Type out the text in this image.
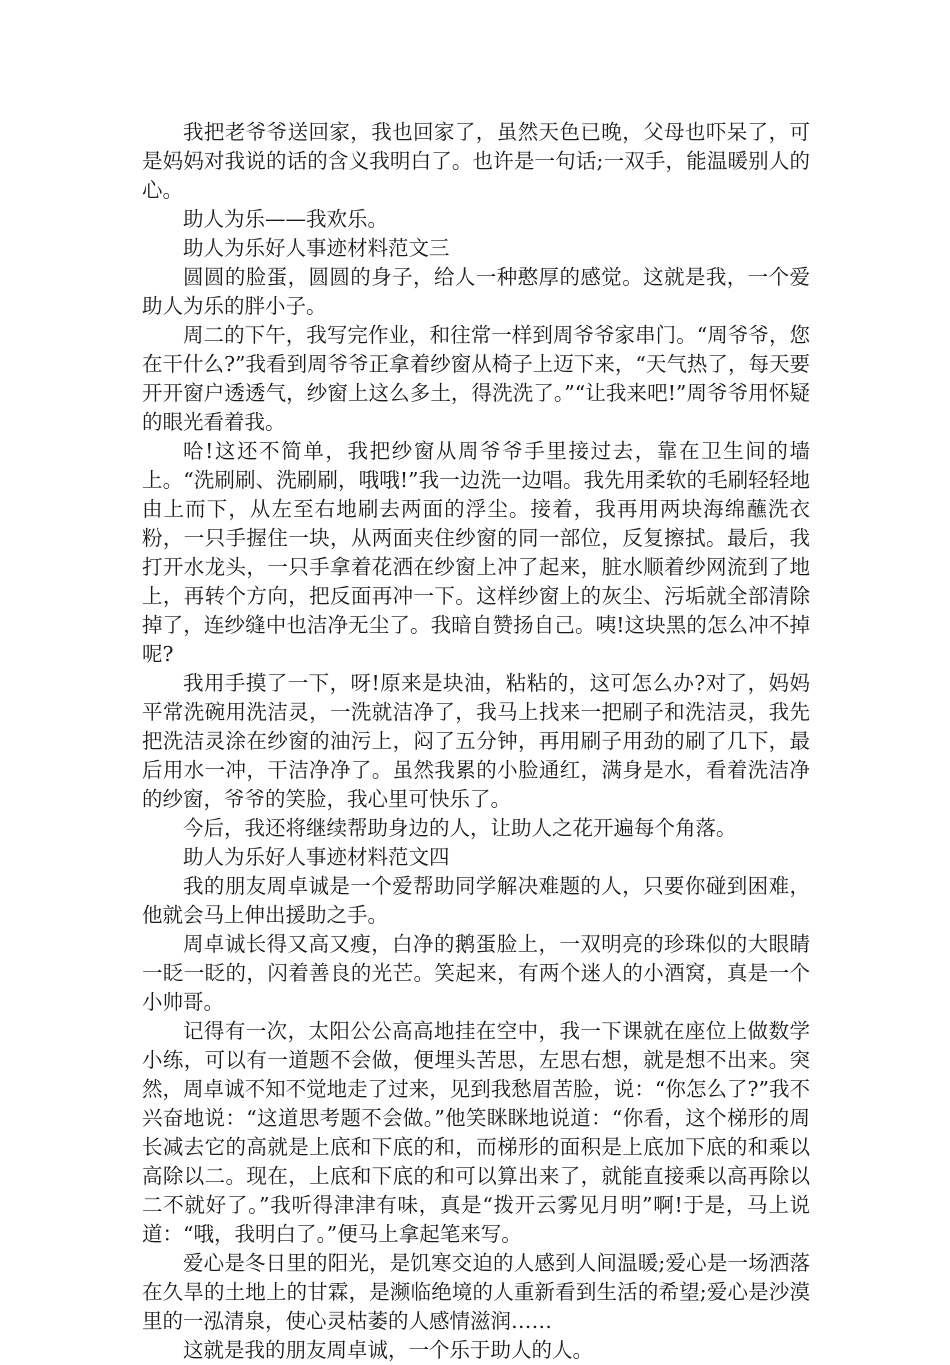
我把老爷爷送回家，我也回家了，虽然天色已晚，父母也吓呆了，可是妈妈对我说的话的含义我明白了。也许是一句话;一双手，能温暖别人的心。

助人为乐——我欢乐。

助人为乐好人事迹材料范文三

圆圆的脸蛋，圆圆的身子，给人一种憨厚的感觉。这就是我，一个爱助人为乐的胖小子。

周二的下午，我写完作业，和往常一样到周爷爷家串门。“周爷爷，您在干什么?”我看到周爷爷正拿着纱窗从椅子上迈下来，“天气热了，每天要开开窗户透透气，纱窗上这么多土，得洗洗了。”“让我来吧!”周爷爷用怀疑的眼光看着我。

哈!这还不简单，我把纱窗从周爷爷手里接过去，靠在卫生间的墙上。“洗刷刷、洗刷刷，哦哦!”我一边洗一边唱。我先用柔软的毛刷轻轻地由上而下，从左至右地刷去两面的浮尘。接着，我再用两块海绵蘸洗衣粉，一只手握住一块，从两面夹住纱窗的同一部位，反复擦拭。最后，我打开水龙头，一只手拿着花洒在纱窗上冲了起来，脏水顺着纱网流到了地上，再转个方向，把反面再冲一下。这样纱窗上的灰尘、污垢就全部清除掉了，连纱缝中也洁净无尘了。我暗自赞扬自己。咦!这块黑的怎么冲不掉呢?

我用手摸了一下，呀!原来是块油，粘粘的，这可怎么办?对了，妈妈平常洗碗用洗洁灵，一洗就洁净了，我马上找来一把刷子和洗洁灵，我先把洗洁灵涂在纱窗的油污上，闷了五分钟，再用刷子用劲的刷了几下，最后用水一冲，干洁净净了。虽然我累的小脸通红，满身是水，看着洗洁净的纱窗，爷爷的笑脸，我心里可快乐了。

今后，我还将继续帮助身边的人，让助人之花开遍每个角落。

助人为乐好人事迹材料范文四

我的朋友周卓诚是一个爱帮助同学解决难题的人，只要你碰到困难，他就会马上伸出援助之手。

周卓诚长得又高又瘦，白净的鹅蛋脸上，一双明亮的珍珠似的大眼睛一眨一眨的，闪着善良的光芒。笑起来，有两个迷人的小酒窝，真是一个小帅哥。

记得有一次，太阳公公高高地挂在空中，我一下课就在座位上做数学小练，可以有一道题不会做，便埋头苦思，左思右想，就是想不出来。突然，周卓诚不知不觉地走了过来，见到我愁眉苦脸，说：“你怎么了?”我不兴奋地说：“这道思考题不会做。”他笑眯眯地说道：“你看，这个梯形的周长减去它的高就是上底和下底的和，而梯形的面积是上底加下底的和乘以高除以二。现在，上底和下底的和可以算出来了，就能直接乘以高再除以二不就好了。”我听得津津有味，真是“拨开云雾见月明”啊!于是，马上说道：“哦，我明白了。”便马上拿起笔来写。

爱心是冬日里的阳光，是饥寒交迫的人感到人间温暖;爱心是一场洒落在久旱的土地上的甘霖，是濒临绝境的人重新看到生活的希望;爱心是沙漠里的一泓清泉，使心灵枯萎的人感情滋润……

这就是我的朋友周卓诚，一个乐于助人的人。
